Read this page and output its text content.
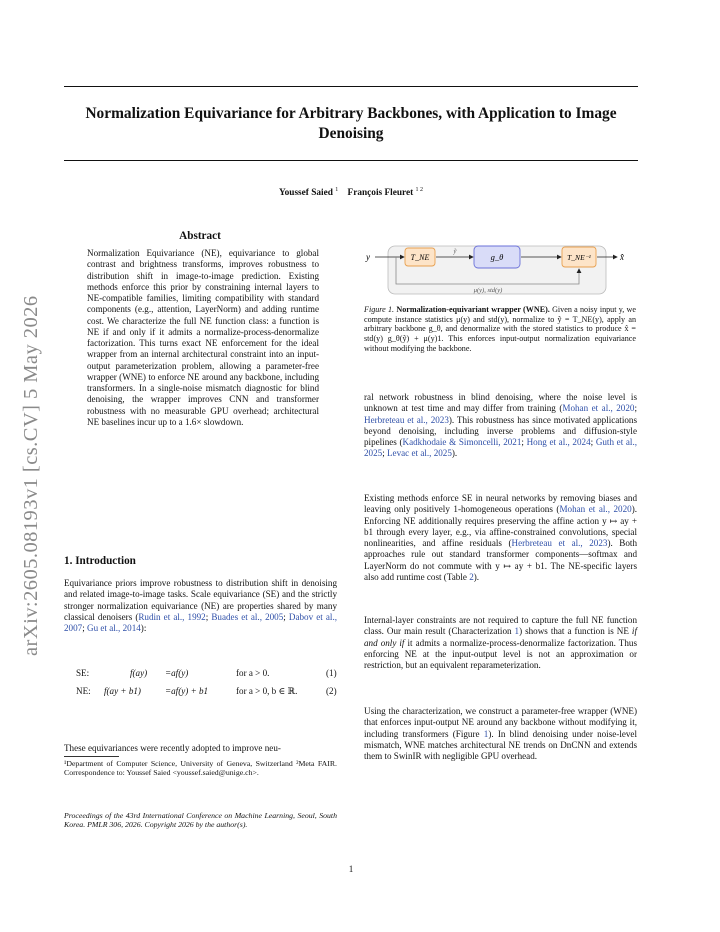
arXiv:2605.08193v1 [cs.CV] 5 May 2026
Normalization Equivariance for Arbitrary Backbones, with Application to Image Denoising
Youssef Saied $^1$ François Fleuret $^{1 2}$
Abstract
Normalization Equivariance (NE), equivariance to global contrast and brightness transforms, improves robustness to distribution shift in image-to-image prediction. Existing methods enforce this prior by constraining internal layers to NE-compatible families, limiting compatibility with standard components (e.g., attention, LayerNorm) and adding runtime cost. We characterize the full NE function class: a function is NE if and only if it admits a normalize-process-denormalize factorization. This turns exact NE enforcement for the ideal wrapper from an internal architectural constraint into an input-output parameterization problem, allowing a parameter-free wrapper (WNE) to enforce NE around any backbone, including transformers. In a single-noise mismatch diagnostic for blind denoising, the wrapper improves CNN and transformer robustness with no measurable GPU overhead; architectural NE baselines incur up to a 1.6× slowdown.
1. Introduction
Equivariance priors improve robustness to distribution shift in denoising and related image-to-image tasks. Scale equivariance (SE) and the strictly stronger normalization equivariance (NE) are properties shared by many classical denoisers (Rudin et al., 1992; Buades et al., 2005; Dabov et al., 2007; Gu et al., 2014):
SE:	f(ay) =af(y)	for a > 0.	(1)
NE: f(ay + b1)	=af(y) + b1	for a > 0, b ∈ ℝ.	(2)
These equivariances were recently adopted to improve neu-
¹Department of Computer Science, University of Geneva, Switzerland ²Meta FAIR. Correspondence to: Youssef Saied <youssef.saied@unige.ch>.
Proceedings of the 43rd International Conference on Machine Learning, Seoul, South Korea. PMLR 306, 2026. Copyright 2026 by the author(s).
y	T_NE
ỹ
g_θ	T_NE⁻¹	x̂
μ(y), std(y)
Figure 1. Normalization-equivariant wrapper (WNE). Given a noisy input y, we compute instance statistics μ(y) and std(y), normalize to ỹ = T_NE(y), apply an arbitrary backbone g_θ, and denormalize with the stored statistics to produce x̂ = std(y) g_θ(ỹ) + μ(y)1. This enforces input-output normalization equivariance without modifying the backbone.
ral network robustness in blind denoising, where the noise level is unknown at test time and may differ from training (Mohan et al., 2020; Herbreteau et al., 2023). This robustness has since motivated applications beyond denoising, including inverse problems and diffusion-style pipelines (Kadkhodaie & Simoncelli, 2021; Hong et al., 2024; Guth et al., 2025; Levac et al., 2025).
Existing methods enforce SE in neural networks by removing biases and leaving only positively 1-homogeneous operations (Mohan et al., 2020). Enforcing NE additionally requires preserving the affine action y ↦ ay + b1 through every layer, e.g., via affine-constrained convolutions, special nonlinearities, and affine residuals (Herbreteau et al., 2023). Both approaches rule out standard transformer components—softmax and LayerNorm do not commute with y ↦ ay + b1. The NE-specific layers also add runtime cost (Table 2).
Internal-layer constraints are not required to capture the full NE function class. Our main result (Characterization 1) shows that a function is NE if and only if it admits a normalize-process-denormalize factorization. Thus enforcing NE at the input-output level is not an approximation or restriction, but an equivalent reparameterization.
Using the characterization, we construct a parameter-free wrapper (WNE) that enforces input-output NE around any backbone without modifying it, including transformers (Figure 1). In blind denoising under noise-level mismatch, WNE matches architectural NE trends on DnCNN and extends them to SwinIR with negligible GPU overhead.
1
